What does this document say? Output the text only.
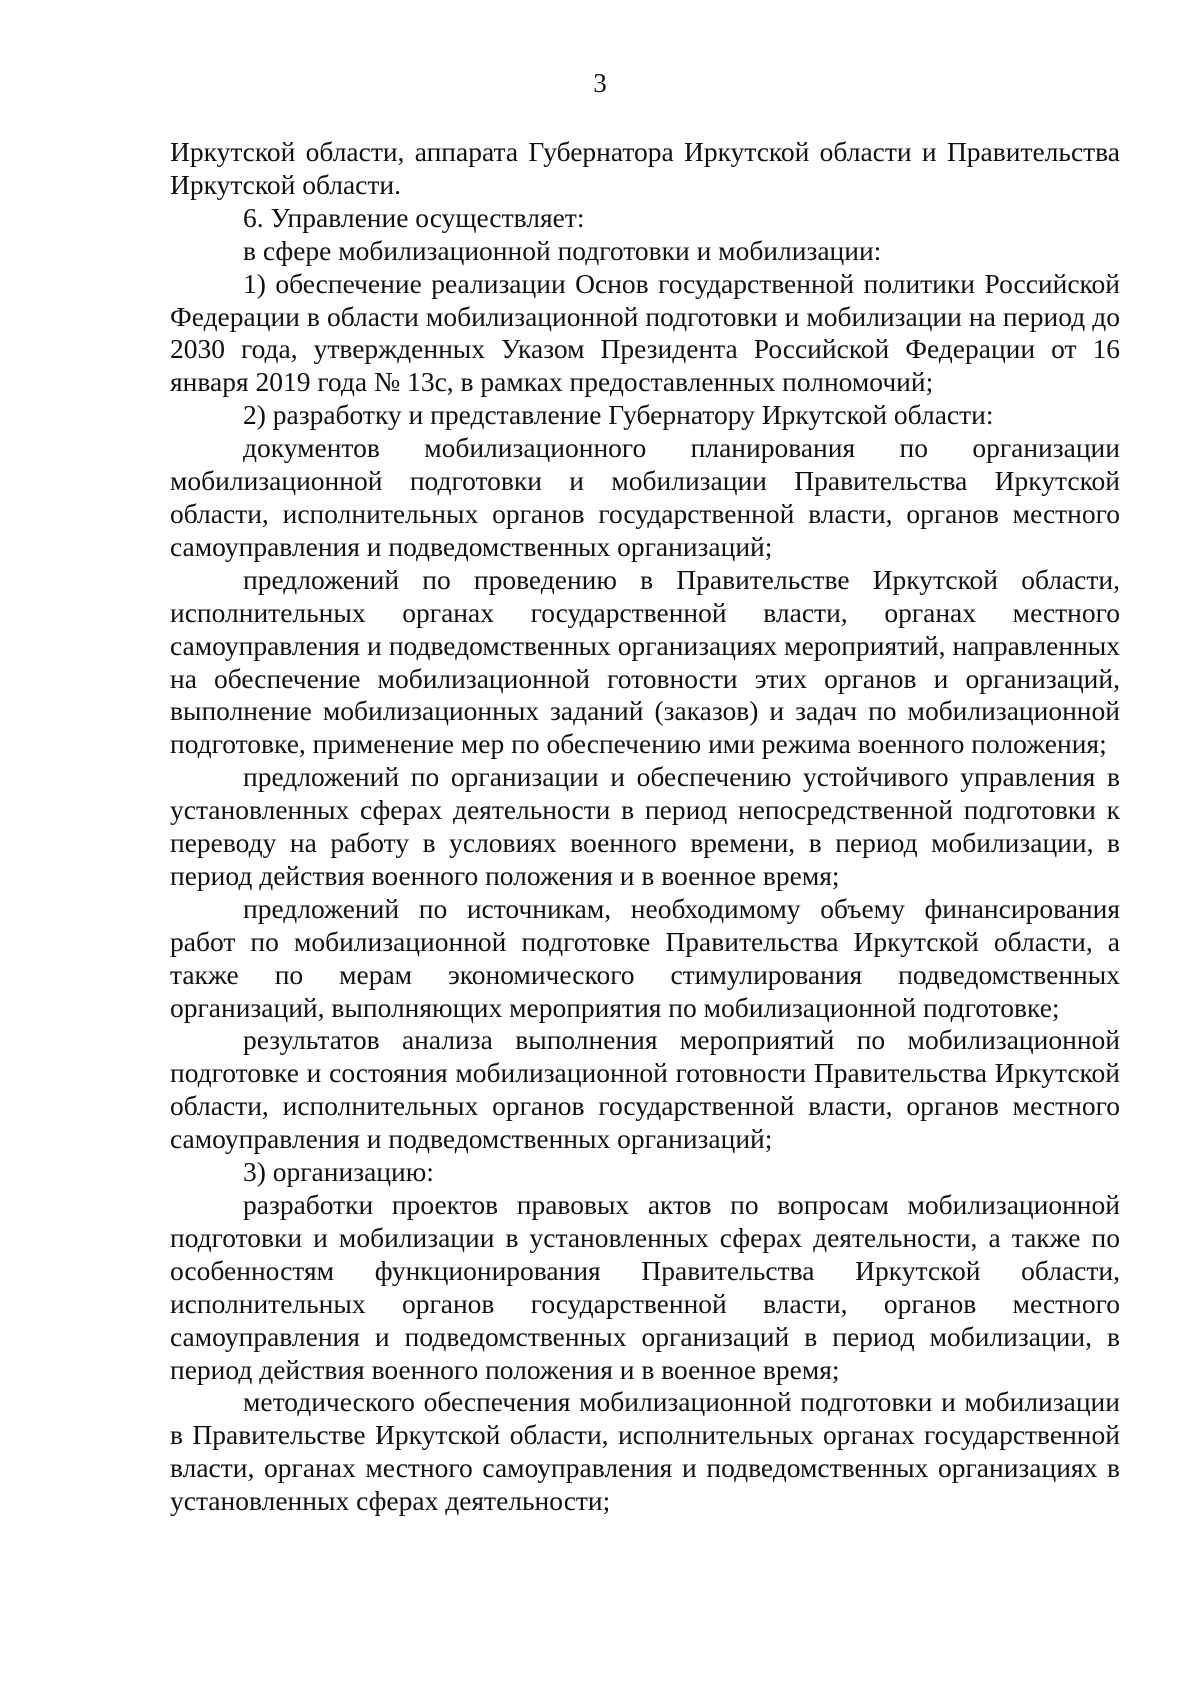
3

Иркутской области, аппарата Губернатора Иркутской области и Правительства Иркутской области.

6. Управление осуществляет:

в сфере мобилизационной подготовки и мобилизации:

1) обеспечение реализации Основ государственной политики Российской Федерации в области мобилизационной подготовки и мобилизации на период до 2030 года, утвержденных Указом Президента Российской Федерации от 16 января 2019 года № 13с, в рамках предоставленных полномочий;

2) разработку и представление Губернатору Иркутской области:

документов мобилизационного планирования по организации мобилизационной подготовки и мобилизации Правительства Иркутской области, исполнительных органов государственной власти, органов местного самоуправления и подведомственных организаций;

предложений по проведению в Правительстве Иркутской области, исполнительных органах государственной власти, органах местного самоуправления и подведомственных организациях мероприятий, направленных на обеспечение мобилизационной готовности этих органов и организаций, выполнение мобилизационных заданий (заказов) и задач по мобилизационной подготовке, применение мер по обеспечению ими режима военного положения;

предложений по организации и обеспечению устойчивого управления в установленных сферах деятельности в период непосредственной подготовки к переводу на работу в условиях военного времени, в период мобилизации, в период действия военного положения и в военное время;

предложений по источникам, необходимому объему финансирования работ по мобилизационной подготовке Правительства Иркутской области, а также по мерам экономического стимулирования подведомственных организаций, выполняющих мероприятия по мобилизационной подготовке;

результатов анализа выполнения мероприятий по мобилизационной подготовке и состояния мобилизационной готовности Правительства Иркутской области, исполнительных органов государственной власти, органов местного самоуправления и подведомственных организаций;

3) организацию:

разработки проектов правовых актов по вопросам мобилизационной подготовки и мобилизации в установленных сферах деятельности, а также по особенностям функционирования Правительства Иркутской области, исполнительных органов государственной власти, органов местного самоуправления и подведомственных организаций в период мобилизации, в период действия военного положения и в военное время;

методического обеспечения мобилизационной подготовки и мобилизации в Правительстве Иркутской области, исполнительных органах государственной власти, органах местного самоуправления и подведомственных организациях в установленных сферах деятельности;
